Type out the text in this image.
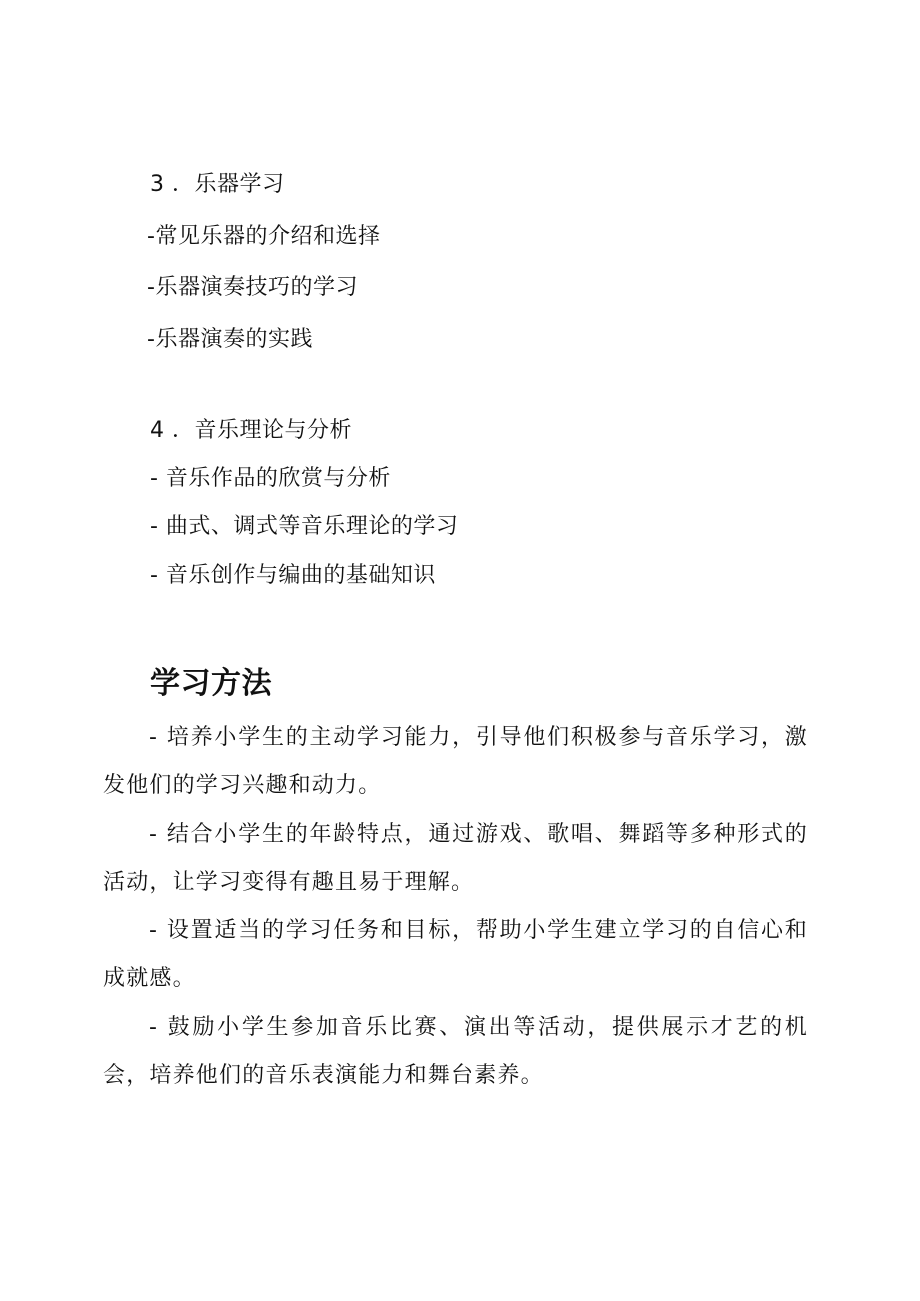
3 ．乐器学习
-常见乐器的介绍和选择
-乐器演奏技巧的学习
-乐器演奏的实践
4 ．音乐理论与分析
- 音乐作品的欣赏与分析
- 曲式、调式等音乐理论的学习
- 音乐创作与编曲的基础知识
学习方法
- 培养小学生的主动学习能力，引导他们积极参与音乐学习，激发他们的学习兴趣和动力。
- 结合小学生的年龄特点，通过游戏、歌唱、舞蹈等多种形式的活动，让学习变得有趣且易于理解。
- 设置适当的学习任务和目标，帮助小学生建立学习的自信心和成就感。
- 鼓励小学生参加音乐比赛、演出等活动，提供展示才艺的机会，培养他们的音乐表演能力和舞台素养。
